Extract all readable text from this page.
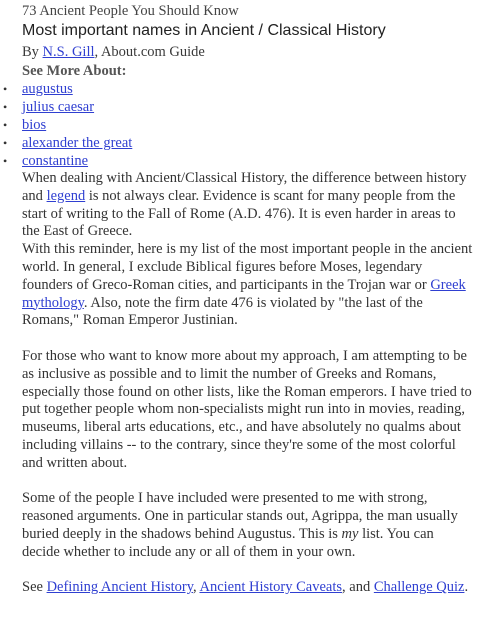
73 Ancient People You Should Know
Most important names in Ancient / Classical History
By N.S. Gill, About.com Guide
See More About:
• augustus
• julius caesar
• bios
• alexander the great
• constantine

When dealing with Ancient/Classical History, the difference between history and legend is not always clear. Evidence is scant for many people from the start of writing to the Fall of Rome (A.D. 476). It is even harder in areas to the East of Greece.

With this reminder, here is my list of the most important people in the ancient world. In general, I exclude Biblical figures before Moses, legendary founders of Greco-Roman cities, and participants in the Trojan war or Greek mythology. Also, note the firm date 476 is violated by "the last of the Romans," Roman Emperor Justinian.

For those who want to know more about my approach, I am attempting to be as inclusive as possible and to limit the number of Greeks and Romans, especially those found on other lists, like the Roman emperors. I have tried to put together people whom non-specialists might run into in movies, reading, museums, liberal arts educations, etc., and have absolutely no qualms about including villains -- to the contrary, since they're some of the most colorful and written about.

Some of the people I have included were presented to me with strong, reasoned arguments. One in particular stands out, Agrippa, the man usually buried deeply in the shadows behind Augustus. This is my list. You can decide whether to include any or all of them in your own.

See Defining Ancient History, Ancient History Caveats, and Challenge Quiz.
